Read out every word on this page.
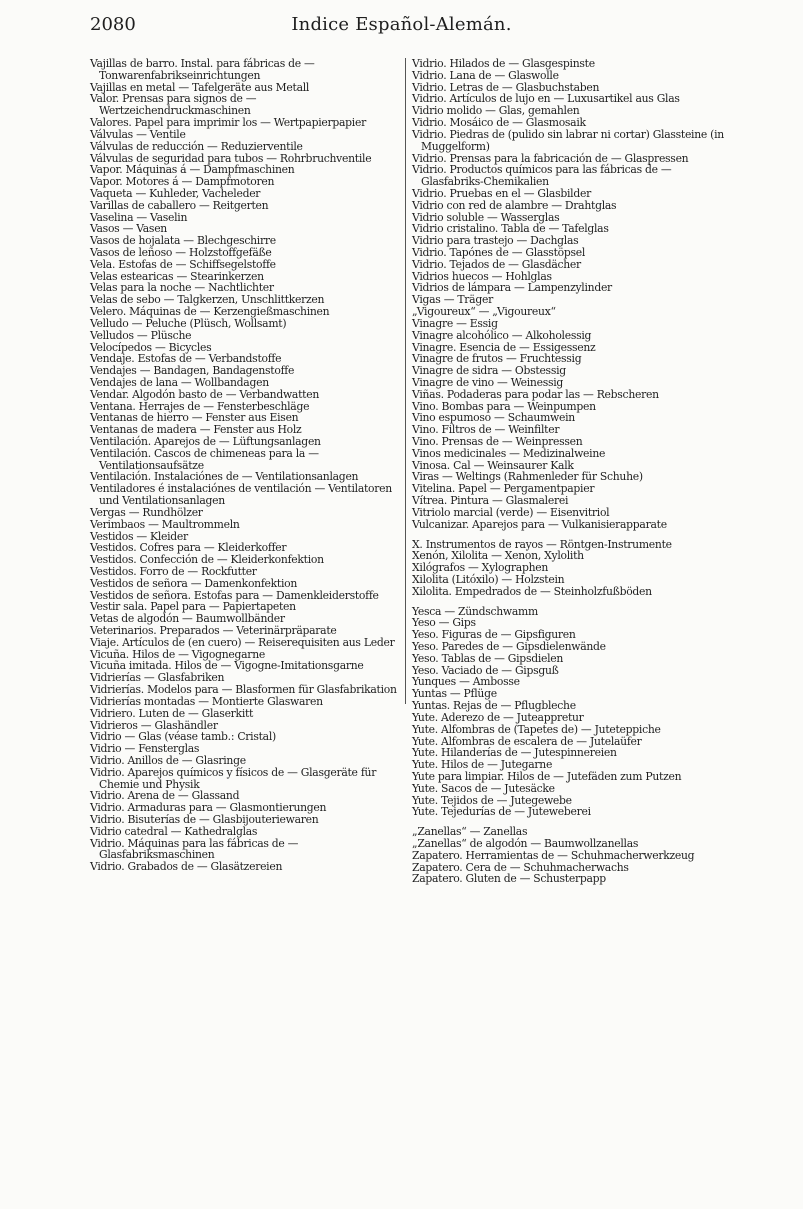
2080	Indice Español-Alemán.
Vajillas de barro. Instal. para fábricas de — Tonwarenfabrikseinrichtungen
Vajillas en metal — Tafelgeräte aus Metall
Valor. Prensas para signos de — Wertzeichendruckmaschinen
Valores. Papel para imprimir los — Wertpapierpapier
Válvulas — Ventile
Válvulas de reducción — Reduzierventile
Válvulas de seguridad para tubos — Rohrbruchventile
Vapor. Máquinas á — Dampfmaschinen
Vapor. Motores á — Dampfmotoren
Vaqueta — Kuhleder, Vacheleder
Varillas de caballero — Reitgerten
Vaselina — Vaselin
Vasos — Vasen
Vasos de hojalata — Blechgeschirre
Vasos de leñoso — Holzstoffgefäße
Vela. Estofas de — Schiffsegelstoffe
Velas estearicas — Stearinkerzen
Velas para la noche — Nachtlichter
Velas de sebo — Talgkerzen, Unschlittkerzen
Velero. Máquinas de — Kerzengießmaschinen
Velludo — Peluche (Plüsch, Wollsamt)
Velludos — Plüsche
Velocípedos — Bicycles
Vendaje. Estofas de — Verbandstoffe
Vendajes — Bandagen, Bandagenstoffe
Vendajes de lana — Wollbandagen
Vendar. Algodón basto de — Verbandwatten
Ventana. Herrajes de — Fensterbeschläge
Ventanas de hierro — Fenster aus Eisen
Ventanas de madera — Fenster aus Holz
Ventilación. Aparejos de — Lüftungsanlagen
Ventilación. Cascos de chimeneas para la — Ventilationsaufsätze
Ventilación. Instalaciónes de — Ventilationsanlagen
Ventiladores é instalaciónes de ventilación — Ventilatoren und Ventilationsanlagen
Vergas — Rundhölzer
Verimbaos — Maultrommeln
Vestidos — Kleider
Vestidos. Cofres para — Kleiderkoffer
Vestidos. Confección de — Kleiderkonfektion
Vestidos. Forro de — Rockfutter
Vestidos de señora — Damenkonfektion
Vestidos de señora. Estofas para — Damenkleiderstoffe
Vestir sala. Papel para — Papiertapeten
Vetas de algodón — Baumwollbänder
Veterinarios. Preparados — Veterinärpräparate
Viaje. Artículos de (en cuero) — Reiserequisiten aus Leder
Vicuña. Hilos de — Vigognegarne
Vicuña imitada. Hilos de — Vigogne-Imitationsgarne
Vidrierías — Glasfabriken
Vidrierías. Modelos para — Blasformen für Glasfabrikation
Vidrierías montadas — Montierte Glaswaren
Vidriero. Luten de — Glaserkitt
Vidrieros — Glashändler
Vidrio — Glas (véase tamb.: Cristal)
Vidrio — Fensterglas
Vidrio. Anillos de — Glasringe
Vidrio. Aparejos químicos y físicos de — Glasgeräte für Chemie und Physik
Vidrio. Arena de — Glassand
Vidrio. Armaduras para — Glasmontierungen
Vidrio. Bisuterías de — Glasbijouteriewaren
Vidrio catedral — Kathedralglas
Vidrio. Máquinas para las fábricas de — Glasfabriksmaschinen
Vidrio. Grabados de — Glasätzereien
Vidrio. Hilados de — Glasgespinste
Vidrio. Lana de — Glaswolle
Vidrio. Letras de — Glasbuchstaben
Vidrio. Artículos de lujo en — Luxusartikel aus Glas
Vidrio molido — Glas, gemahlen
Vidrio. Mosáico de — Glasmosaik
Vidrio. Piedras de (pulido sin labrar ni cortar) Glassteine (in Muggelform)
Vidrio. Prensas para la fabricación de — Glaspressen
Vidrio. Productos químicos para las fábricas de — Glasfabriks-Chemikalien
Vidrio. Pruebas en el — Glasbilder
Vidrio con red de alambre — Drahtglas
Vidrio soluble — Wasserglas
Vidrio cristalino. Tabla de — Tafelglas
Vidrio para trastejo — Dachglas
Vidrio. Tapónes de — Glasstöpsel
Vidrio. Tejados de — Glasdächer
Vidrios huecos — Hohlglas
Vidrios de lámpara — Lampenzylinder
Vigas — Träger
„Vigoureux“ — „Vigoureux“
Vinagre — Essig
Vinagre alcohólico — Alkoholessig
Vinagre. Esencia de — Essigessenz
Vinagre de frutos — Fruchtessig
Vinagre de sidra — Obstessig
Vinagre de vino — Weinessig
Viñas. Podaderas para podar las — Rebscheren
Vino. Bombas para — Weinpumpen
Vino espumoso — Schaumwein
Vino. Filtros de — Weinfilter
Vino. Prensas de — Weinpressen
Vinos medicinales — Medizinalweine
Vinosa. Cal — Weinsaurer Kalk
Viras — Weltings (Rahmenleder für Schuhe)
Vitelina. Papel — Pergamentpapier
Vítrea. Pintura — Glasmalerei
Vitriolo marcial (verde) — Eisenvitriol
Vulcanizar. Aparejos para — Vulkanisierapparate
X. Instrumentos de rayos — Röntgen-Instrumente
Xenón, Xilolita — Xenon, Xylolith
Xilógrafos — Xylographen
Xilolita (Litóxilo) — Holzstein
Xilolita. Empedrados de — Steinholzfußböden
Yesca — Zündschwamm
Yeso — Gips
Yeso. Figuras de — Gipsfiguren
Yeso. Paredes de — Gipsdielenwände
Yeso. Tablas de — Gipsdielen
Yeso. Vaciado de — Gipsguß
Yunques — Ambosse
Yuntas — Pflüge
Yuntas. Rejas de — Pflugbleche
Yute. Aderezo de — Juteappretur
Yute. Alfombras de (Tapetes de) — Juteteppiche
Yute. Alfombras de escalera de — Jutelaüfer
Yute. Hilanderías de — Jutespinnereien
Yute. Hilos de — Jutegarne
Yute para limpiar. Hilos de — Jutefäden zum Putzen
Yute. Sacos de — Jutesäcke
Yute. Tejidos de — Jutegewebe
Yute. Tejedurías de — Juteweberei
„Zanellas“ — Zanellas
„Zanellas“ de algodón — Baumwollzanellas
Zapatero. Herramientas de — Schuhmacherwerkzeug
Zapatero. Cera de — Schuhmacherwachs
Zapatero. Gluten de — Schusterpapp
